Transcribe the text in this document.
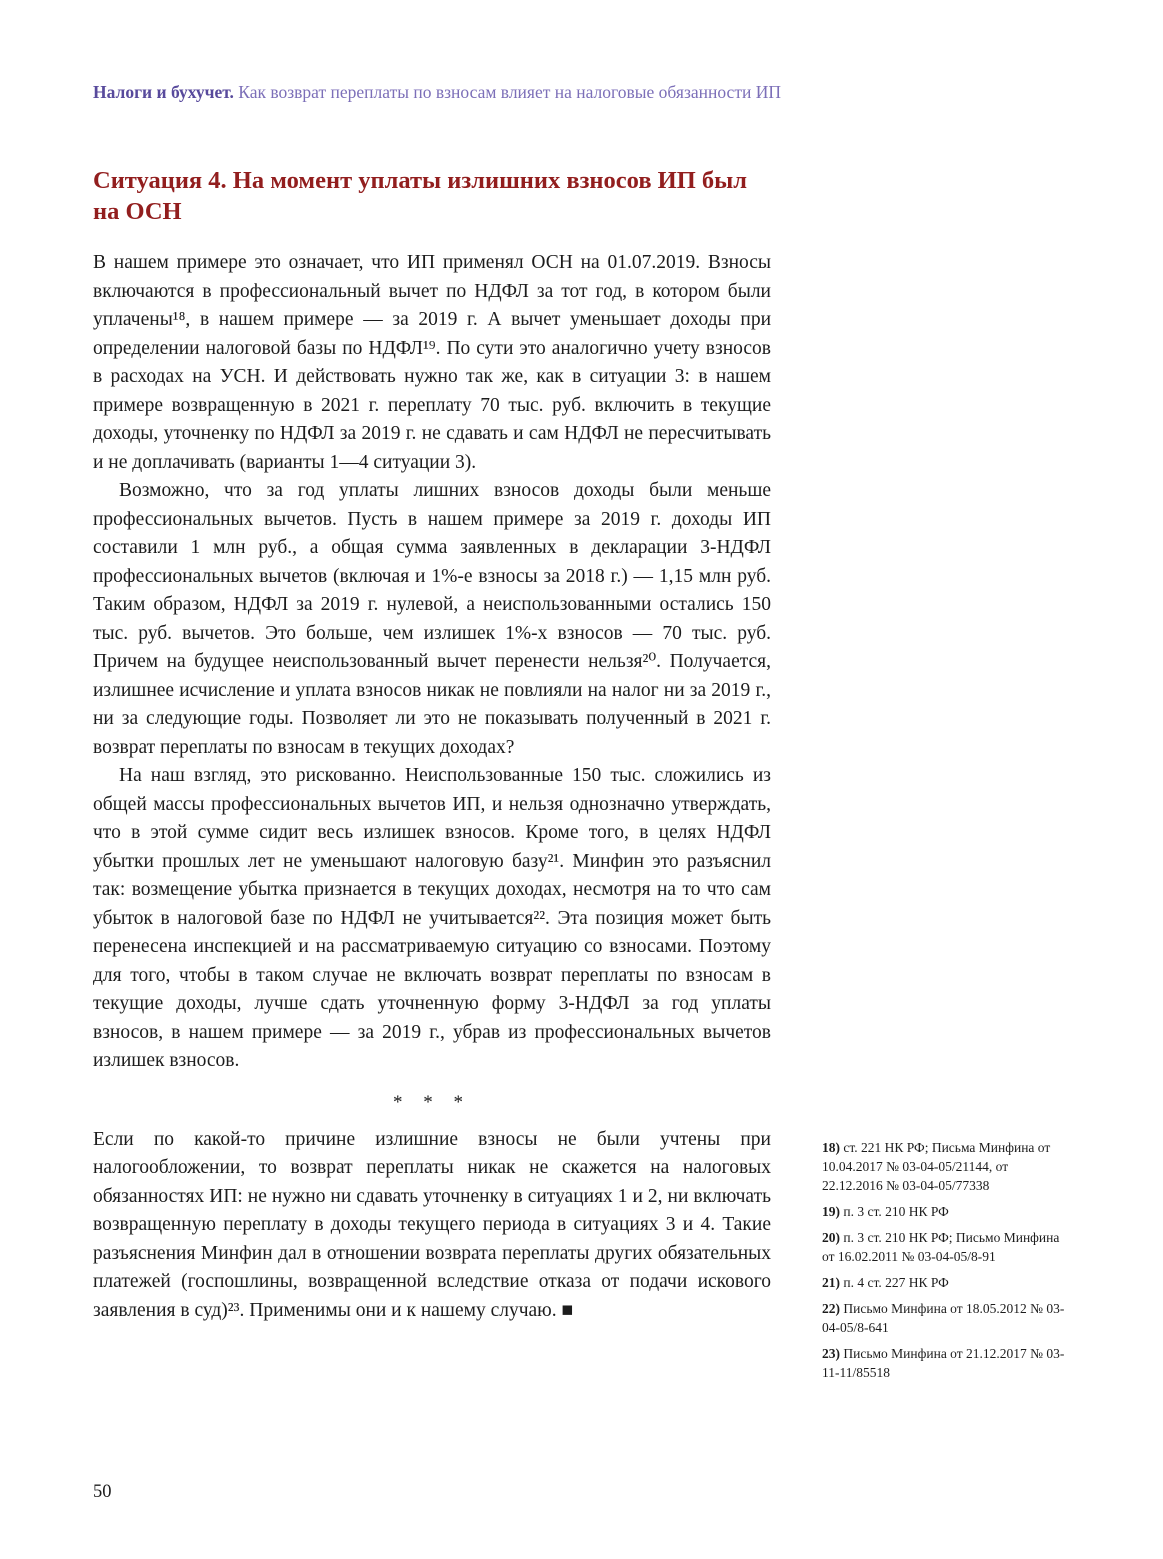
Налоги и бухучет. Как возврат переплаты по взносам влияет на налоговые обязанности ИП
Ситуация 4. На момент уплаты излишних взносов ИП был на ОСН

В нашем примере это означает, что ИП применял ОСН на 01.07.2019. Взносы включаются в профессиональный вычет по НДФЛ за тот год, в котором были уплачены¹⁸, в нашем примере — за 2019 г. А вычет уменьшает доходы при определении налоговой базы по НДФЛ¹⁹. По сути это аналогично учету взносов в расходах на УСН. И действовать нужно так же, как в ситуации 3: в нашем примере возвращенную в 2021 г. переплату 70 тыс. руб. включить в текущие доходы, уточненку по НДФЛ за 2019 г. не сдавать и сам НДФЛ не пересчитывать и не доплачивать (варианты 1—4 ситуации 3).

Возможно, что за год уплаты лишних взносов доходы были меньше профессиональных вычетов. Пусть в нашем примере за 2019 г. доходы ИП составили 1 млн руб., а общая сумма заявленных в декларации 3-НДФЛ профессиональных вычетов (включая и 1%-е взносы за 2018 г.) — 1,15 млн руб. Таким образом, НДФЛ за 2019 г. нулевой, а неиспользованными остались 150 тыс. руб. вычетов. Это больше, чем излишек 1%-х взносов — 70 тыс. руб. Причем на будущее неиспользованный вычет перенести нельзя²⁰. Получается, излишнее исчисление и уплата взносов никак не повлияли на налог ни за 2019 г., ни за следующие годы. Позволяет ли это не показывать полученный в 2021 г. возврат переплаты по взносам в текущих доходах?

На наш взгляд, это рискованно. Неиспользованные 150 тыс. сложились из общей массы профессиональных вычетов ИП, и нельзя однозначно утверждать, что в этой сумме сидит весь излишек взносов. Кроме того, в целях НДФЛ убытки прошлых лет не уменьшают налоговую базу²¹. Минфин это разъяснил так: возмещение убытка признается в текущих доходах, несмотря на то что сам убыток в налоговой базе по НДФЛ не учитывается²². Эта позиция может быть перенесена инспекцией и на рассматриваемую ситуацию со взносами. Поэтому для того, чтобы в таком случае не включать возврат переплаты по взносам в текущие доходы, лучше сдать уточненную форму 3-НДФЛ за год уплаты взносов, в нашем примере — за 2019 г., убрав из профессиональных вычетов излишек взносов.

* * *

Если по какой-то причине излишние взносы не были учтены при налогообложении, то возврат переплаты никак не скажется на налоговых обязанностях ИП: не нужно ни сдавать уточненку в ситуациях 1 и 2, ни включать возвращенную переплату в доходы текущего периода в ситуациях 3 и 4. Такие разъяснения Минфин дал в отношении возврата переплаты других обязательных платежей (госпошлины, возвращенной вследствие отказа от подачи искового заявления в суд)²³. Применимы они и к нашему случаю. ■

18) ст. 221 НК РФ; Письма Минфина от 10.04.2017 № 03-04-05/21144, от 22.12.2016 № 03-04-05/77338
19) п. 3 ст. 210 НК РФ
20) п. 3 ст. 210 НК РФ; Письмо Минфина от 16.02.2011 № 03-04-05/8-91
21) п. 4 ст. 227 НК РФ
22) Письмо Минфина от 18.05.2012 № 03-04-05/8-641
23) Письмо Минфина от 21.12.2017 № 03-11-11/85518
50
